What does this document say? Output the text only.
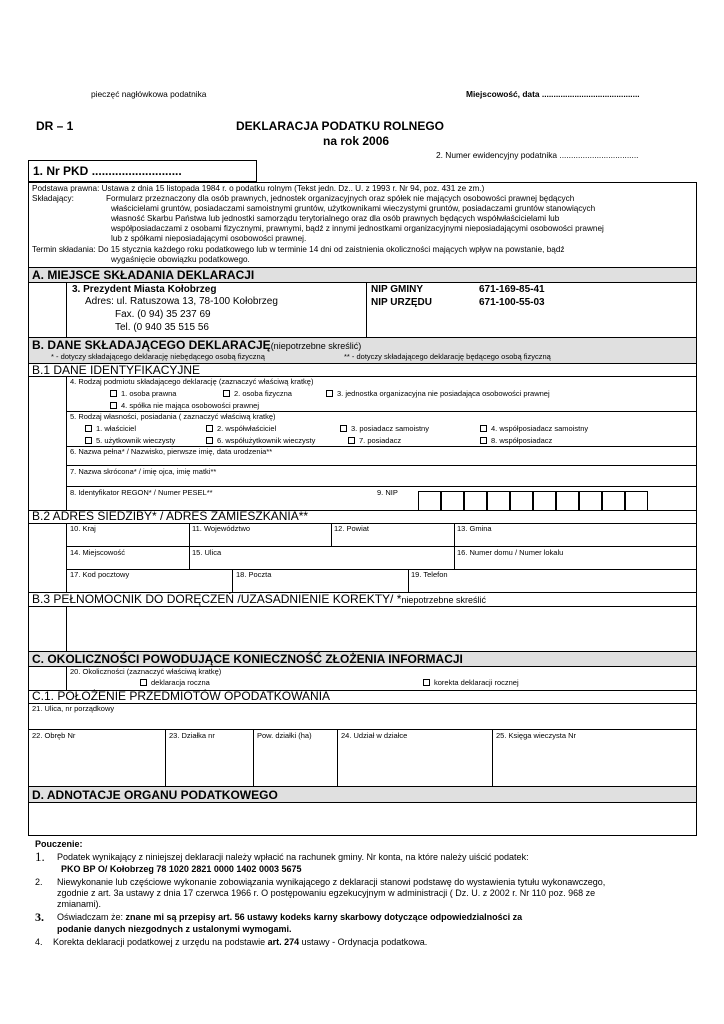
pieczęć nagłówkowa podatnika	Miejscowość, data ..........................................
DR – 1	DEKLARACJA PODATKU ROLNEGO
na rok 2006
2. Numer ewidencyjny podatnika ..................................
1. Nr PKD ...........................
Podstawa prawna: Ustawa z dnia 15 listopada 1984 r. o podatku rolnym (Tekst jedn. Dz.. U. z 1993 r. Nr 94, poz. 431 ze zm.)
Składający:	Formularz przeznaczony dla osób prawnych, jednostek organizacyjnych oraz spółek nie mających osobowości prawnej będących
właścicielami gruntów, posiadaczami samoistnymi gruntów, użytkownikami wieczystymi gruntów, posiadaczami gruntów stanowiących
własność Skarbu Państwa lub jednostki samorządu terytorialnego oraz dla osób prawnych będących współwłaścicielami lub
współposiadaczami z osobami fizycznymi, prawnymi, bądź z innymi jednostkami organizacyjnymi nieposiadającymi osobowości prawnej
lub z spółkami nieposiadającymi osobowości prawnej.
Termin składania: Do 15 stycznia każdego roku podatkowego lub w terminie 14 dni od zaistnienia okoliczności mających wpływ na powstanie, bądź
wygaśnięcie obowiązku podatkowego.
A. MIEJSCE SKŁADANIA DEKLARACJI
3. Prezydent Miasta Kołobrzeg
Adres: ul. Ratuszowa 13, 78-100 Kołobrzeg
Fax. (0 94) 35 237 69
Tel. (0 940 35 515 56
NIP GMINY	671-169-85-41
NIP URZĘDU	671-100-55-03
B. DANE SKŁADAJĄCEGO DEKLARACJĘ(niepotrzebne skreślić)
* - dotyczy składającego deklarację niebędącego osobą fizyczną	** - dotyczy składającego deklarację będącego osobą fizyczną
B.1 DANE IDENTYFIKACYJNE
4. Rodzaj podmiotu składającego deklarację (zaznaczyć właściwą kratkę)
1. osoba prawna	2. osoba fizyczna	3. jednostka organizacyjna nie posiadająca osobowości prawnej
4. spółka nie mająca osobowości prawnej
5. Rodzaj własności, posiadania ( zaznaczyć właściwą kratkę)
1. właściciel	2. współwłaściciel	3. posiadacz samoistny	4. współposiadacz samoistny
5. użytkownik wieczysty	6. współużytkownik wieczysty	7. posiadacz	8. współposiadacz
6. Nazwa pełna* / Nazwisko, pierwsze imię, data urodzenia**
7. Nazwa skrócona* / imię ojca, imię matki**
8. Identyfikator REGON* / Numer PESEL**	9. NIP
B.2 ADRES SIEDZIBY* / ADRES ZAMIESZKANIA**
10. Kraj	11. Województwo	12. Powiat	13. Gmina
14. Miejscowość	15. Ulica	16. Numer domu / Numer lokalu
17. Kod pocztowy	18. Poczta	19. Telefon
B.3 PEŁNOMOCNIK DO DORĘCZEŃ /UZASADNIENIE KOREKTY/ *niepotrzebne skreślić
C. OKOLICZNOŚCI POWODUJĄCE KONIECZNOŚĆ ZŁOŻENIA INFORMACJI
20. Okoliczności (zaznaczyć właściwą kratkę)
deklaracja roczna	korekta deklaracji rocznej
C.1. POŁOŻENIE PRZEDMIOTÓW OPODATKOWANIA
21. Ulica, nr porządkowy
22. Obręb Nr	23. Działka nr	Pow. działki (ha)	24. Udział w działce	25. Księga wieczysta Nr
D. ADNOTACJE ORGANU PODATKOWEGO
Pouczenie:
1. Podatek wynikający z niniejszej deklaracji należy wpłacić na rachunek gminy. Nr konta, na które należy uiścić podatek:
PKO BP O/ Kołobrzeg 78 1020 2821 0000 1402 0003 5675
2. Niewykonanie lub częściowe wykonanie zobowiązania wynikającego z deklaracji stanowi podstawę do wystawienia tytułu wykonawczego,
zgodnie z art. 3a ustawy z dnia 17 czerwca 1966 r. O postępowaniu egzekucyjnym w administracji ( Dz. U. z 2002 r. Nr 110 poz. 968 ze
zmianami).
3. Oświadczam że: znane mi są przepisy art. 56 ustawy kodeks karny skarbowy dotyczące odpowiedzialności za
podanie danych niezgodnych z ustalonymi wymogami.
4. Korekta deklaracji podatkowej z urzędu na podstawie art. 274 ustawy - Ordynacja podatkowa.
